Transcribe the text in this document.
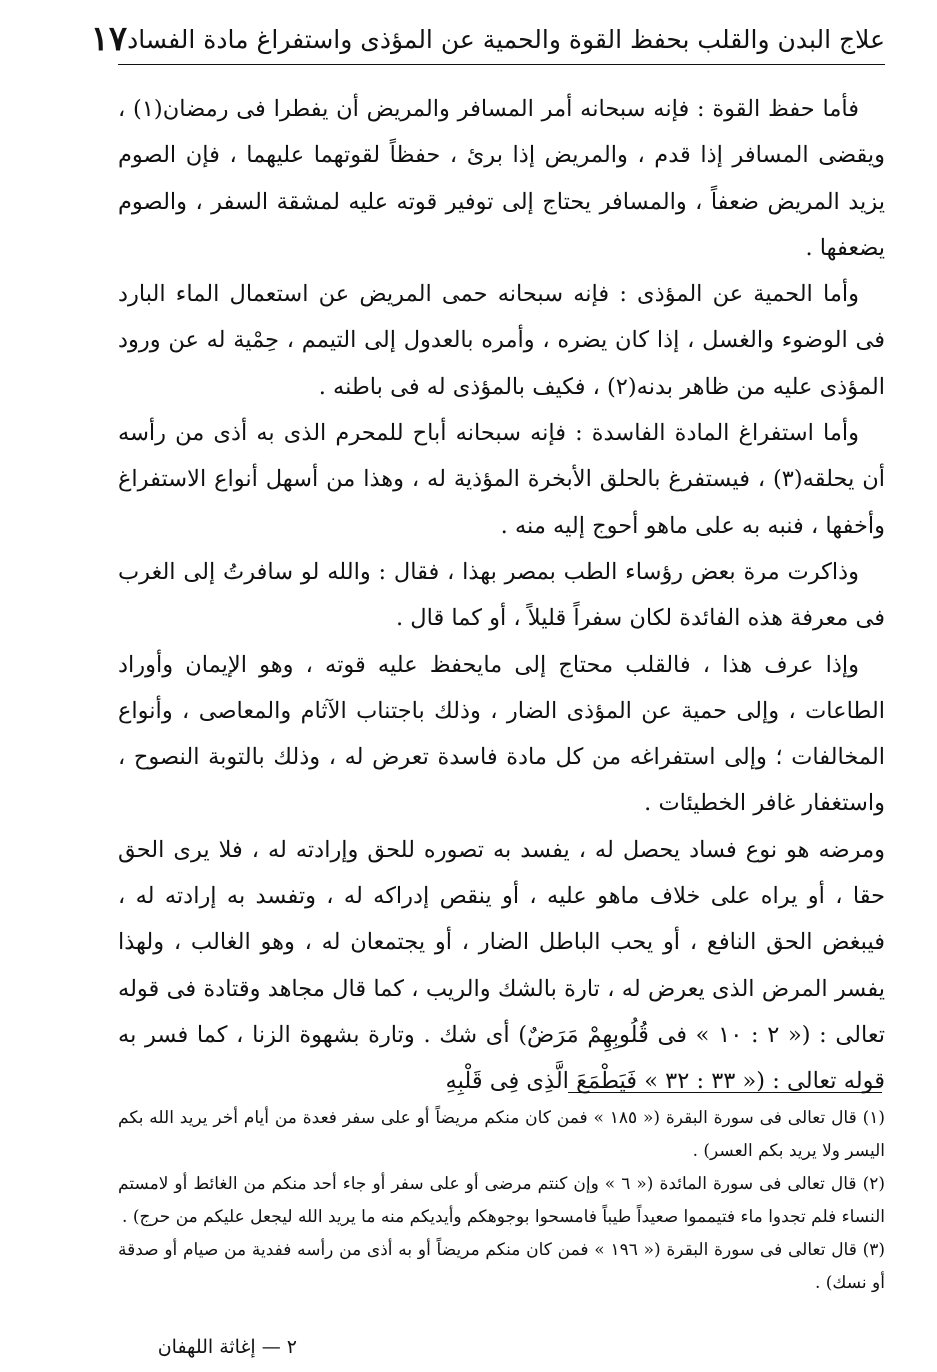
علاج البدن والقلب بحفظ القوة والحمية عن المؤذى واستفراغ مادة الفساد
١٧

فأما حفظ القوة : فإنه سبحانه أمر المسافر والمريض أن يفطرا فى رمضان(١) ، ويقضى المسافر إذا قدم ، والمريض إذا برئ ، حفظاً لقوتهما عليهما ، فإن الصوم يزيد المريض ضعفاً ، والمسافر يحتاج إلى توفير قوته عليه لمشقة السفر ، والصوم يضعفها .

وأما الحمية عن المؤذى : فإنه سبحانه حمى المريض عن استعمال الماء البارد فى الوضوء والغسل ، إذا كان يضره ، وأمره بالعدول إلى التيمم ، حِمْية له عن ورود المؤذى عليه من ظاهر بدنه(٢) ، فكيف بالمؤذى له فى باطنه .

وأما استفراغ المادة الفاسدة : فإنه سبحانه أباح للمحرم الذى به أذى من رأسه أن يحلقه(٣) ، فيستفرغ بالحلق الأبخرة المؤذية له ، وهذا من أسهل أنواع الاستفراغ وأخفها ، فنبه به على ماهو أحوج إليه منه .

وذاكرت مرة بعض رؤساء الطب بمصر بهذا ، فقال : والله لو سافرتُ إلى الغرب فى معرفة هذه الفائدة لكان سفراً قليلاً ، أو كما قال .

وإذا عرف هذا ، فالقلب محتاج إلى مايحفظ عليه قوته ، وهو الإيمان وأوراد الطاعات ، وإلى حمية عن المؤذى الضار ، وذلك باجتناب الآثام والمعاصى ، وأنواع المخالفات ؛ وإلى استفراغه من كل مادة فاسدة تعرض له ، وذلك بالتوبة النصوح ، واستغفار غافر الخطيئات .

ومرضه هو نوع فساد يحصل له ، يفسد به تصوره للحق وإرادته له ، فلا يرى الحق حقا ، أو يراه على خلاف ماهو عليه ، أو ينقص إدراكه له ، وتفسد به إرادته له ، فيبغض الحق النافع ، أو يحب الباطل الضار ، أو يجتمعان له ، وهو الغالب ، ولهذا يفسر المرض الذى يعرض له ، تارة بالشك والريب ، كما قال مجاهد وقتادة فى قوله تعالى : (« ٢ : ١٠ » فى قُلُوبِهِمْ مَرَضٌ) أى شك . وتارة بشهوة الزنا ، كما فسر به قوله تعالى : (« ٣٣ : ٣٢ » فَيَطْمَعَ الَّذِى فِى قَلْبِهِ

(١) قال تعالى فى سورة البقرة (« ١٨٥ » فمن كان منكم مريضاً أو على سفر فعدة من أيام أخر يريد الله بكم اليسر ولا يريد بكم العسر) .

(٢) قال تعالى فى سورة المائدة (« ٦ » وإن كنتم مرضى أو على سفر أو جاء أحد منكم من الغائط أو لامستم النساء فلم تجدوا ماء فتيمموا صعيداً طيباً فامسحوا بوجوهكم وأيديكم منه ما يريد الله ليجعل عليكم من حرج) .

(٣) قال تعالى فى سورة البقرة (« ١٩٦ » فمن كان منكم مريضاً أو به أذى من رأسه ففدية من صيام أو صدقة أو نسك) .

٢ — إغاثة اللهفان
